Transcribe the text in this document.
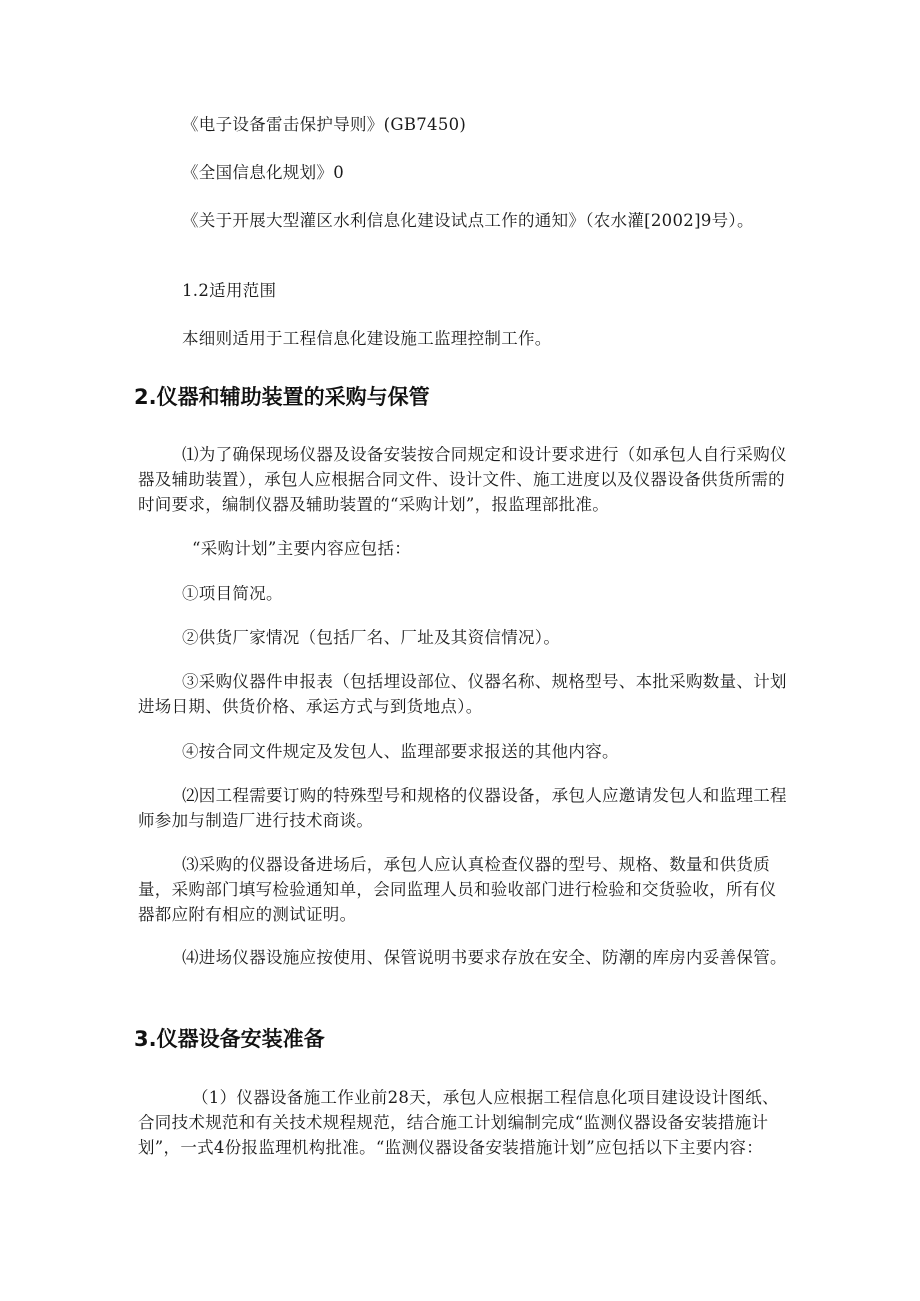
《电子设备雷击保护导则》(GB7450)

《全国信息化规划》0

《关于开展大型灌区水利信息化建设试点工作的通知》（农水灌[2002]9号）。

1.2适用范围

本细则适用于工程信息化建设施工监理控制工作。

2.仪器和辅助装置的采购与保管

⑴为了确保现场仪器及设备安装按合同规定和设计要求进行（如承包人自行采购仪器及辅助装置），承包人应根据合同文件、设计文件、施工进度以及仪器设备供货所需的时间要求，编制仪器及辅助装置的“采购计划”，报监理部批准。

“采购计划”主要内容应包括：

①项目简况。

②供货厂家情况（包括厂名、厂址及其资信情况）。

③采购仪器件申报表（包括埋设部位、仪器名称、规格型号、本批采购数量、计划进场日期、供货价格、承运方式与到货地点）。

④按合同文件规定及发包人、监理部要求报送的其他内容。

⑵因工程需要订购的特殊型号和规格的仪器设备，承包人应邀请发包人和监理工程师参加与制造厂进行技术商谈。

⑶采购的仪器设备进场后，承包人应认真检查仪器的型号、规格、数量和供货质量，采购部门填写检验通知单，会同监理人员和验收部门进行检验和交货验收，所有仪器都应附有相应的测试证明。

⑷进场仪器设施应按使用、保管说明书要求存放在安全、防潮的库房内妥善保管。

3.仪器设备安装准备

（1）仪器设备施工作业前28天，承包人应根据工程信息化项目建设设计图纸、合同技术规范和有关技术规程规范，结合施工计划编制完成“监测仪器设备安装措施计划”，一式4份报监理机构批准。“监测仪器设备安装措施计划”应包括以下主要内容：
